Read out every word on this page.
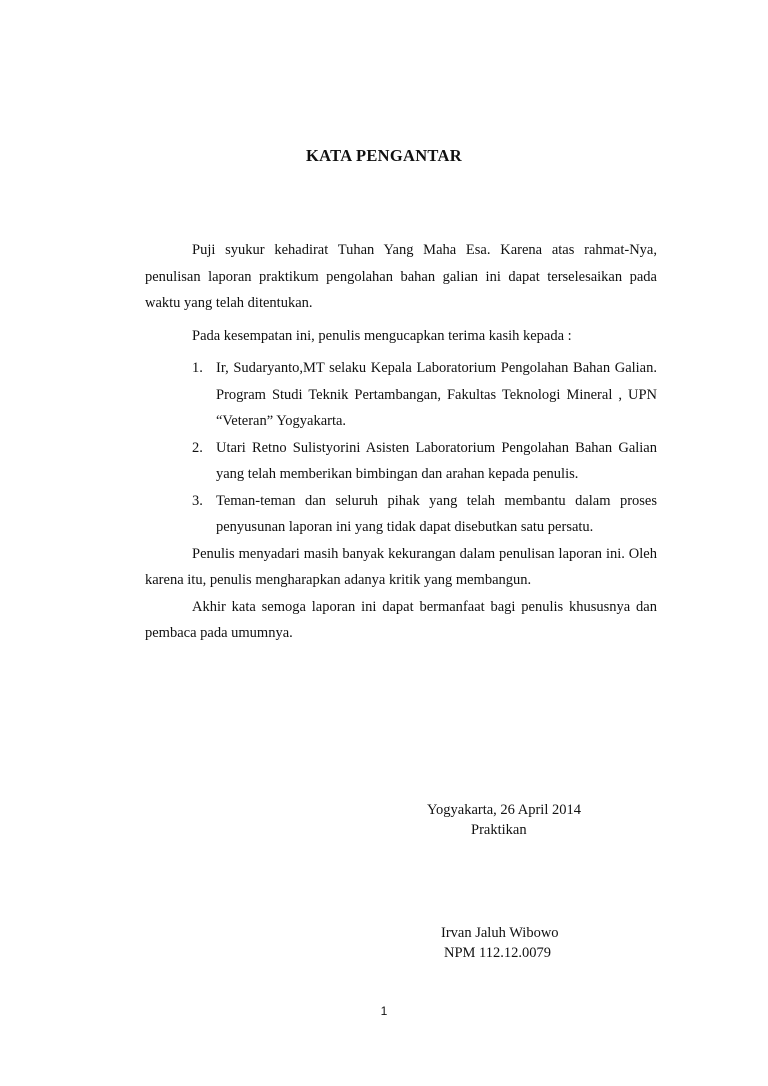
KATA PENGANTAR

Puji syukur kehadirat Tuhan Yang Maha Esa. Karena atas rahmat-Nya, penulisan laporan praktikum pengolahan bahan galian ini dapat terselesaikan pada waktu yang telah ditentukan.

Pada kesempatan ini, penulis mengucapkan terima kasih kepada :

1. Ir, Sudaryanto,MT selaku Kepala Laboratorium Pengolahan Bahan Galian. Program Studi Teknik Pertambangan, Fakultas Teknologi Mineral , UPN “Veteran” Yogyakarta.
2. Utari Retno Sulistyorini Asisten Laboratorium Pengolahan Bahan Galian yang telah memberikan bimbingan dan arahan kepada penulis.
3. Teman-teman dan seluruh pihak yang telah membantu dalam proses penyusunan laporan ini yang tidak dapat disebutkan satu persatu.

Penulis menyadari masih banyak kekurangan dalam penulisan laporan ini. Oleh karena itu, penulis mengharapkan adanya kritik yang membangun.

Akhir kata semoga laporan ini dapat bermanfaat bagi penulis khususnya dan pembaca pada umumnya.

Yogyakarta, 26 April 2014
Praktikan
Irvan Jaluh Wibowo
NPM 112.12.0079
1
